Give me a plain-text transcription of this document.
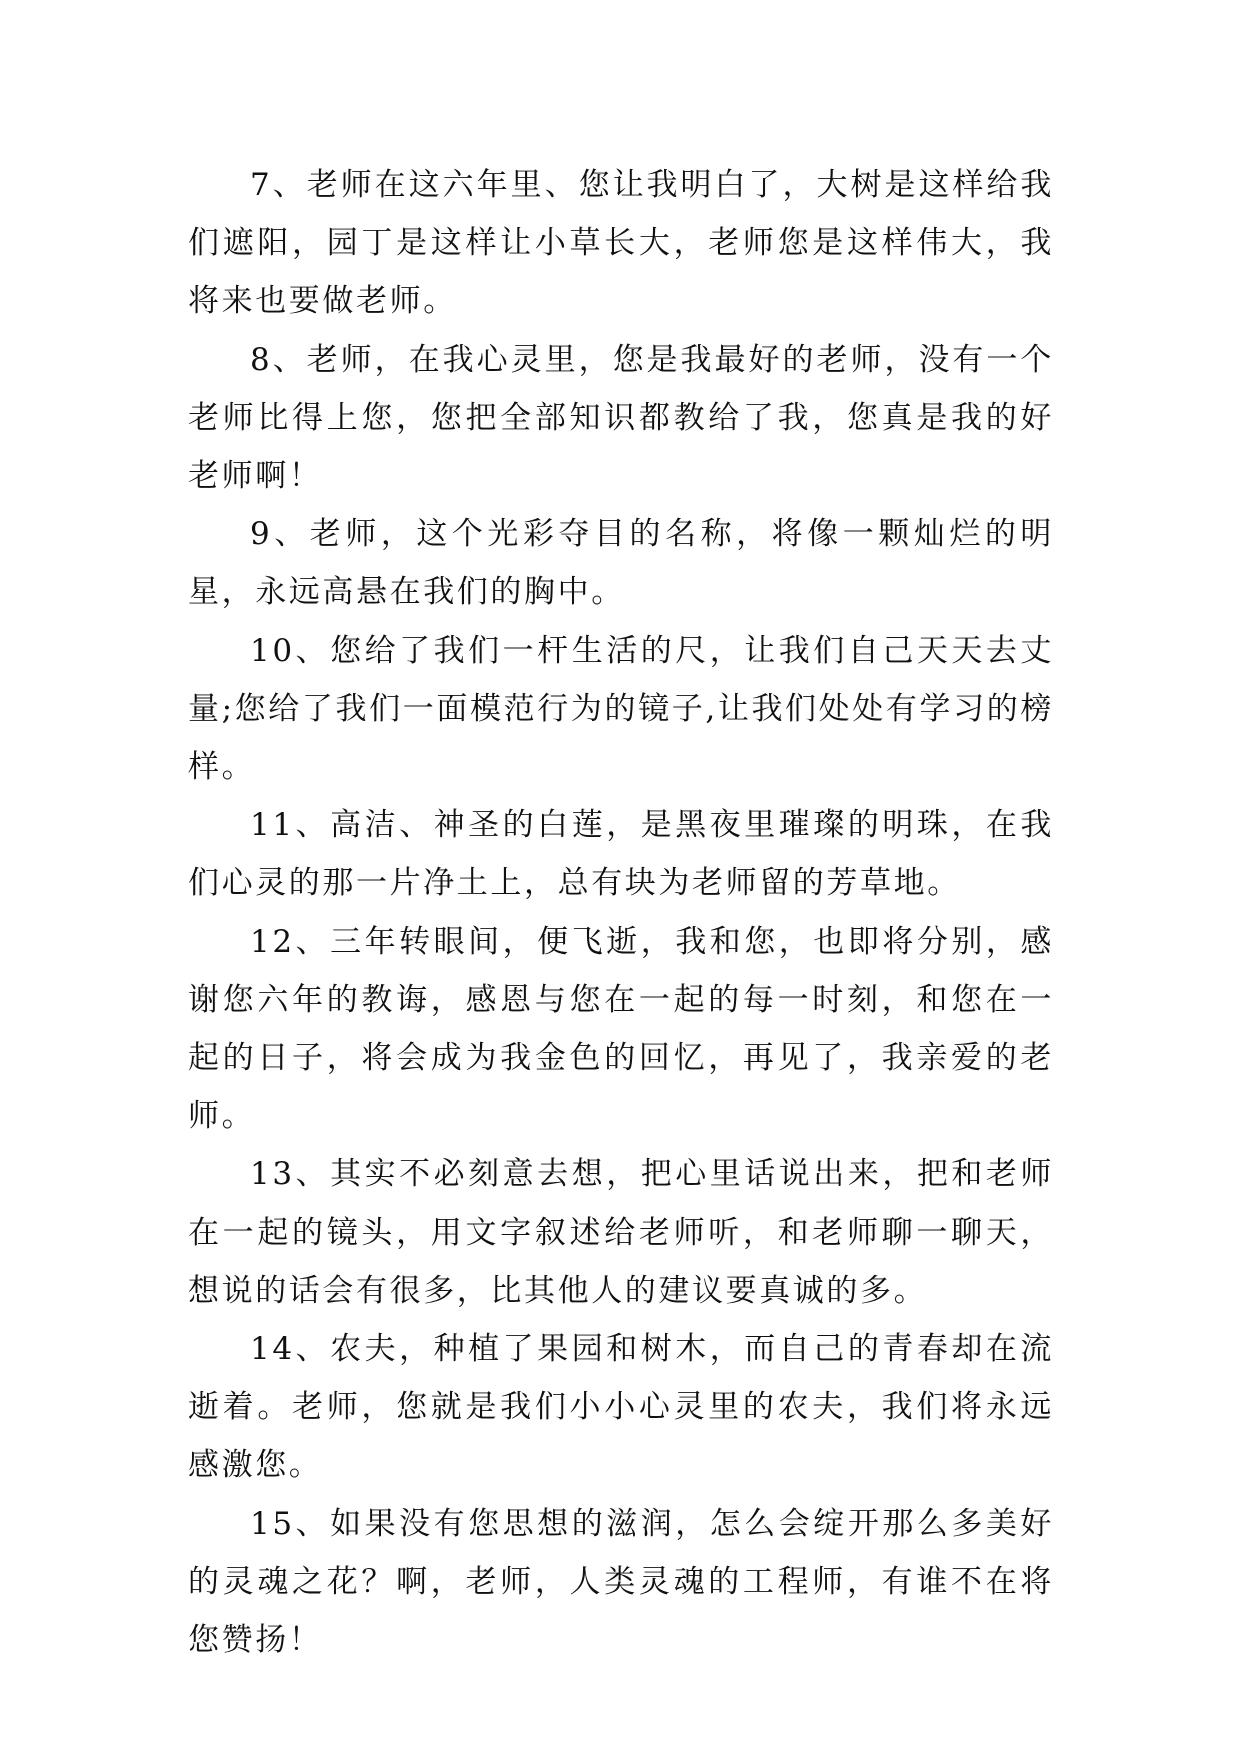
7、老师在这六年里、您让我明白了，大树是这样给我们遮阳，园丁是这样让小草长大，老师您是这样伟大，我将来也要做老师。

8、老师，在我心灵里，您是我最好的老师，没有一个老师比得上您，您把全部知识都教给了我，您真是我的好老师啊！

9、老师，这个光彩夺目的名称，将像一颗灿烂的明星，永远高悬在我们的胸中。

10、您给了我们一杆生活的尺，让我们自己天天去丈量;您给了我们一面模范行为的镜子,让我们处处有学习的榜样。

11、高洁、神圣的白莲，是黑夜里璀璨的明珠，在我们心灵的那一片净土上，总有块为老师留的芳草地。

12、三年转眼间，便飞逝，我和您，也即将分别，感谢您六年的教诲，感恩与您在一起的每一时刻，和您在一起的日子，将会成为我金色的回忆，再见了，我亲爱的老师。

13、其实不必刻意去想，把心里话说出来，把和老师在一起的镜头，用文字叙述给老师听，和老师聊一聊天，想说的话会有很多，比其他人的建议要真诚的多。

14、农夫，种植了果园和树木，而自己的青春却在流逝着。老师，您就是我们小小心灵里的农夫，我们将永远感激您。

15、如果没有您思想的滋润，怎么会绽开那么多美好的灵魂之花？啊，老师，人类灵魂的工程师，有谁不在将您赞扬！
